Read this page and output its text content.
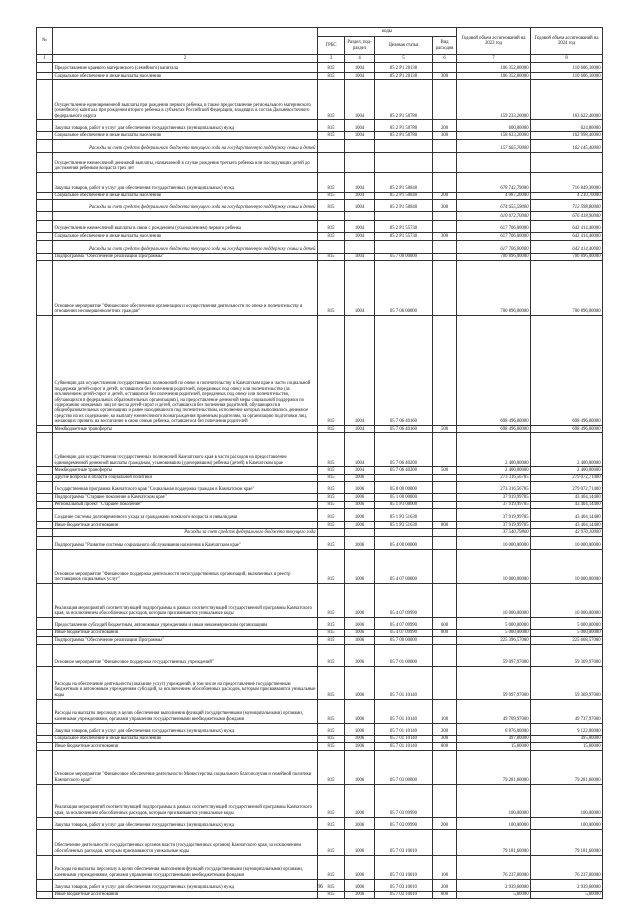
№		коды				Годовой объем ассигнований на 2023 год	Годовой объем ассигнований на 2024 год
		ГРБС	Раздел, под-раздел	Целевая статья	Вид расходов		
1	2	3	4	5	6	7	8
	Предоставление краевого материнского (семейного) капитала	815	1004	05 2 P1 20130		106 352,00000	110 606,10000
	Социальное обеспечение и иные выплаты населению	815	1004	05 2 P1 20130	300	106 352,00000	110 606,10000
	Осуществление единовременной выплаты при рождении первого ребенка, в также предоставление регионального материнского (семейного) капитала при рождении второго ребенка в субъектах Российской Федерации, входящих в состав Дальневосточного федерального округа	815	1004	05 2 P1 50780		159 233,20000	163 622,40000
	Закупка товаров, работ и услуг для обеспечения государственных (муниципальных) нужд	815	1004	05 2 P1 50780	200	600,00000	624,00000
	Социальное обеспечение и иные выплаты населению	815	1004	05 2 P1 50780	300	158 633,20000	162 998,40000
	Расходы за счет средств федерального бюджета текущего года на государственную поддержку семьи и детей					157 665,70000	162 145,40000
	Осуществление ежемесячной денежной выплаты, назначаемой в случае рождения третьего ребенка или последующих детей до достижения ребенком возраста трех лет						
	Закупка товаров, работ и услуг для обеспечения государственных (муниципальных) нужд	815	1004	05 2 P1 50840		678 742,79000	716 849,30000
	Социальное обеспечение и иные выплаты населению	815	1004	05 2 P1 50840	200	4 087,20000	4 210,70000
	Расходы за счет средств федерального бюджета текущего года на государственную поддержку семьи и детей	815	1004	05 2 P1 50840	300	674 655,59000	712 598,80000
						610 072,70000	676 418,90000
	Осуществление ежемесячной выплаты в связи с рождением (усыновлением) первого ребенка	815	1004	05 2 P1 55730		617 706,00000	642 414,40000
	Социальное обеспечение и иные выплаты населению	815	1004	05 2 P1 55730	300	617 706,00000	642 414,40000
	Расходы за счет средств федерального бюджета текущего года на государственную поддержку семьи и детей					617 706,00000	642 414,40000
	Подпрограмма "Обеспечение реализации Программы"	815	1004	05 7 00 00000		700 896,00000	700 896,00000
	Основное мероприятие "Финансовое обеспечение организации и осуществления деятельности по опеке и попечительству в отношении несовершеннолетних граждан"	815	1004	05 7 06 00000		700 896,00000	700 896,00000
	Субвенции для осуществления государственных полномочий по опеке и попечительству в Камчатском крае в части социальной поддержки детей-сирот и детей, оставшихся без попечения родителей, переданных под опеку или попечительство (за исключением детей-сирот и детей, оставшихся без попечения родителей, переданных под опеку или попечительство, обучающихся в федеральных образовательных организациях), на предоставление денежной меры социальной поддержки по содержанию опекаемых лиц из числа детей-сирот и детей, оставшихся без попечения родителей, обучающихся в общеобразовательных организациях и ранее находившихся под попечительством, исполнение которых выполнялось денежное средство на их содержание, ко выплату ежемесячного вознаграждения приемным родителям, за организацию подготовки лиц, желающих принять на воспитание в свою семью ребенка, оставшегося без попечения родителей	815	1004	05 7 06 40160		698 496,00000	698 496,00000
	Межбюджетные трансферты	815	1004	05 7 06 40160	500	698 496,00000	698 496,00000
	Субвенции для осуществления государственных полномочий Камчатского края в части расходов на предоставление единовременной денежной выплаты гражданам, усыновившим (удочерившим) ребенка (детей) в Камчатском крае	815	1004	05 7 06 40200		2 400,00000	2 400,00000
	Межбюджетные трансферты	815	1004	05 7 06 40200	500	2 400,00000	2 400,00000
	Другие вопросы в области социальной политики	815	1006			273 316,56785	279 072,71400
	Государственная программа Камчатского края "Социальная поддержка граждан в Камчатском крае"	815	1006	05 0 00 00000		273 316,56785	279 072,71400
	Подпрограмма "Старшее поколение в Камчатском крае"	815	1006	05 1 00 00000		37 919,99785	43 404,14400
	Региональный проект "Старшее поколение"	815	1006	05 1 P3 00000		37 919,99785	43 404,14400
	Создание системы долговременного ухода за гражданами пожилого возраста и инвалидами	815	1006	05 1 P3 51630		37 919,99785	43 404,14400
	Иные бюджетные ассигнования	815	1006	05 1 P3 51630	800	37 919,99785	43 404,14400
	Расходы за счет средств федерального бюджета текущего года					37 540,79800	42 970,10000
	Подпрограмма "Развитие системы социального обслуживания населения в Камчатском крае"	815	1006	05 4 00 00000		10 000,00000	10 000,00000
	Основное мероприятие "Финансовое поддержка деятельности негосударственных организаций, включенных в реестр поставщиков социальных услуг"	815	1006	05 4 07 00000		10 000,00000	10 000,00000
	Реализация мероприятий соответствующей подпрограммы в рамках соответствующей государственной программы Камчатского края, за исключением обособленных расходов, которым присваиваются уникальные коды	815	1006	05 4 07 09990		10 000,00000	10 000,00000
	Предоставление субсидий бюджетным, автономным учреждениям и иным некоммерческим организациям	815	1006	05 4 07 09990	600	5 000,00000	5 000,00000
	Иные бюджетные ассигнования	815	1006	05 4 07 09990	800	5 000,00000	5 000,00000
	Подпрограмма "Обеспечение реализации Программы"	815	1006	05 7 00 00000		225 396,57000	225 668,57000
	Основное мероприятие "Финансовое поддержка государственных учреждений"	815	1006	05 7 01 00000		59 097,97000	59 369,97000
	Расходы на обеспечение деятельности (оказание услуг) учреждений, в том числе на предоставление государственным бюджетным и автономным учреждениям субсидий, за исключением обособленных расходов, которым присваиваются уникальные коды	815	1006	05 7 01 10140		59 097,97000	59 369,97000
	Расходы на выплаты персоналу в целях обеспечения выполнения функций государственными (муниципальными) органами, казенными учреждениями, органами управления государственными внебюджетными фондами	815	1006	05 7 01 10140	100	49 709,97000	49 737,97000
	Закупка товаров, работ и услуг для обеспечения государственных (муниципальных) нужд	815	1006	05 7 01 10140	200	8 876,00000	9 122,00000
	Социальное обеспечение и иные выплаты населению	815	1006	05 7 01 10140	300	497,00000	495,00000
	Иные бюджетные ассигнования	815	1006	05 7 01 10140	800	15,00000	15,00000
	Основное мероприятие "Финансовое обеспечение деятельности Министерства социального благополучия и семейной политики Камчатского края"	815	1006	05 7 03 00000		79 281,60000	79 281,60000
	Реализация мероприятий соответствующей подпрограммы в рамках соответствующей государственной программы Камчатского края, за исключением обособленных расходов, которым присваиваются уникальные коды	815	1006	05 7 03 09990		100,00000	100,00000
	Закупка товаров, работ и услуг для обеспечения государственных (муниципальных) нужд	815	1006	05 7 03 09990	200	100,00000	100,00000
	Обеспечение деятельности государственных органов власти (государственных органов) Камчатского края, за исключением обособленных расходов, которым присваиваются уникальные коды	815	1006	05 7 03 10010		79 181,60000	79 181,60000
	Расходы на выплаты персоналу в целях обеспечения выполнения функций государственными (муниципальными) органами, казенными учреждениями, органами управления государственными внебюджетными фондами	815	1006	05 7 03 10010	100	76 237,00000	76 237,00000
	Закупка товаров, работ и услуг для обеспечения государственных (муниципальных) нужд	815	1006	05 7 03 10010	200	2 939,60000	2 939,60000
	Иные бюджетные ассигнования	815	1006	05 7 03 10010	800	5,00000	5,00000
36
